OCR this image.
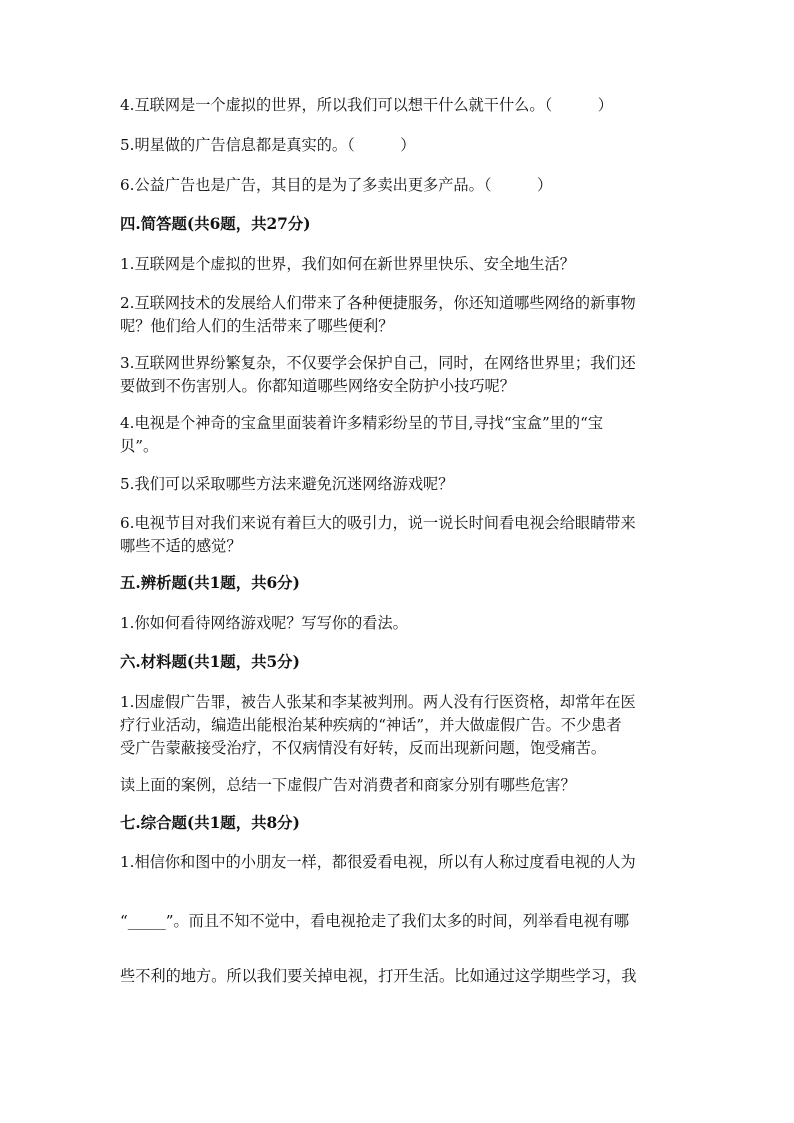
4.互联网是一个虚拟的世界，所以我们可以想干什么就干什么。（　　　）
5.明星做的广告信息都是真实的。（　　　）
6.公益广告也是广告，其目的是为了多卖出更多产品。（　　　）
四.简答题(共6题，共27分)
1.互联网是个虚拟的世界，我们如何在新世界里快乐、安全地生活？
2.互联网技术的发展给人们带来了各种便捷服务，你还知道哪些网络的新事物
呢？他们给人们的生活带来了哪些便利？
3.互联网世界纷繁复杂，不仅要学会保护自己，同时，在网络世界里；我们还
要做到不伤害别人。你都知道哪些网络安全防护小技巧呢？
4.电视是个神奇的宝盒里面装着许多精彩纷呈的节目,寻找“宝盒”里的“宝
贝”。
5.我们可以采取哪些方法来避免沉迷网络游戏呢？
6.电视节目对我们来说有着巨大的吸引力，说一说长时间看电视会给眼睛带来
哪些不适的感觉？
五.辨析题(共1题，共6分)
1.你如何看待网络游戏呢？写写你的看法。
六.材料题(共1题，共5分)
1.因虚假广告罪，被告人张某和李某被判刑。两人没有行医资格，却常年在医
疗行业活动，编造出能根治某种疾病的“神话”，并大做虚假广告。不少患者
受广告蒙蔽接受治疗，不仅病情没有好转，反而出现新问题，饱受痛苦。
读上面的案例，总结一下虚假广告对消费者和商家分别有哪些危害？
七.综合题(共1题，共8分)
1.相信你和图中的小朋友一样，都很爱看电视，所以有人称过度看电视的人为
“_____”。而且不知不觉中，看电视抢走了我们太多的时间，列举看电视有哪
些不利的地方。所以我们要关掉电视，打开生活。比如通过这学期些学习，我
